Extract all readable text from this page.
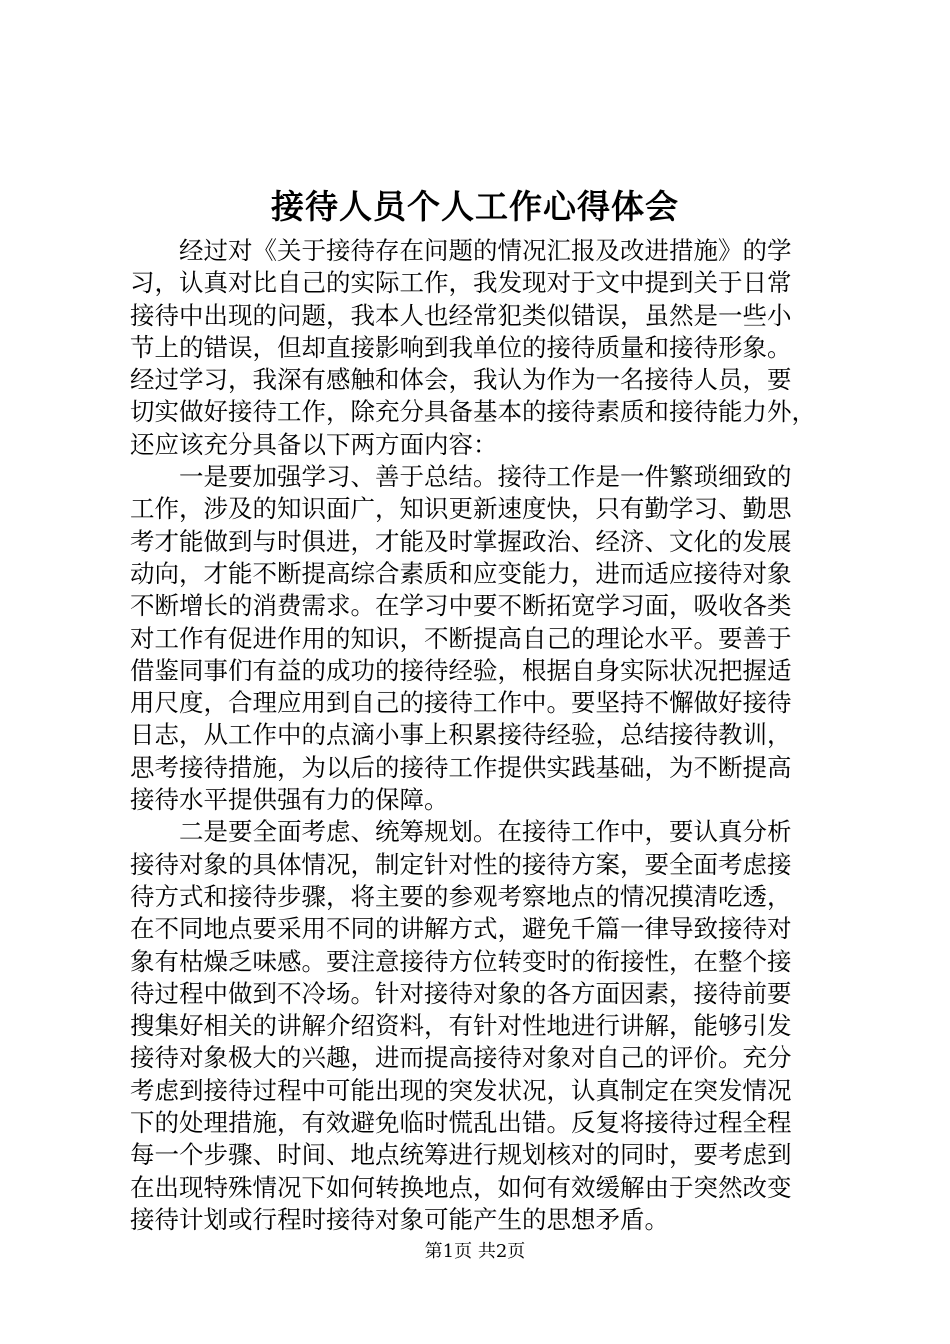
接待人员个人工作心得体会
　　经过对《关于接待存在问题的情况汇报及改进措施》的学
习，认真对比自己的实际工作，我发现对于文中提到关于日常
接待中出现的问题，我本人也经常犯类似错误，虽然是一些小
节上的错误，但却直接影响到我单位的接待质量和接待形象。
经过学习，我深有感触和体会，我认为作为一名接待人员，要
切实做好接待工作，除充分具备基本的接待素质和接待能力外，
还应该充分具备以下两方面内容：
　　一是要加强学习、善于总结。接待工作是一件繁琐细致的
工作，涉及的知识面广，知识更新速度快，只有勤学习、勤思
考才能做到与时俱进，才能及时掌握政治、经济、文化的发展
动向，才能不断提高综合素质和应变能力，进而适应接待对象
不断增长的消费需求。在学习中要不断拓宽学习面，吸收各类
对工作有促进作用的知识，不断提高自己的理论水平。要善于
借鉴同事们有益的成功的接待经验，根据自身实际状况把握适
用尺度，合理应用到自己的接待工作中。要坚持不懈做好接待
日志，从工作中的点滴小事上积累接待经验，总结接待教训，
思考接待措施，为以后的接待工作提供实践基础，为不断提高
接待水平提供强有力的保障。
　　二是要全面考虑、统筹规划。在接待工作中，要认真分析
接待对象的具体情况，制定针对性的接待方案，要全面考虑接
待方式和接待步骤，将主要的参观考察地点的情况摸清吃透，
在不同地点要采用不同的讲解方式，避免千篇一律导致接待对
象有枯燥乏味感。要注意接待方位转变时的衔接性，在整个接
待过程中做到不冷场。针对接待对象的各方面因素，接待前要
搜集好相关的讲解介绍资料，有针对性地进行讲解，能够引发
接待对象极大的兴趣，进而提高接待对象对自己的评价。充分
考虑到接待过程中可能出现的突发状况，认真制定在突发情况
下的处理措施，有效避免临时慌乱出错。反复将接待过程全程
每一个步骤、时间、地点统筹进行规划核对的同时，要考虑到
在出现特殊情况下如何转换地点，如何有效缓解由于突然改变
接待计划或行程时接待对象可能产生的思想矛盾。
第1页 共2页
